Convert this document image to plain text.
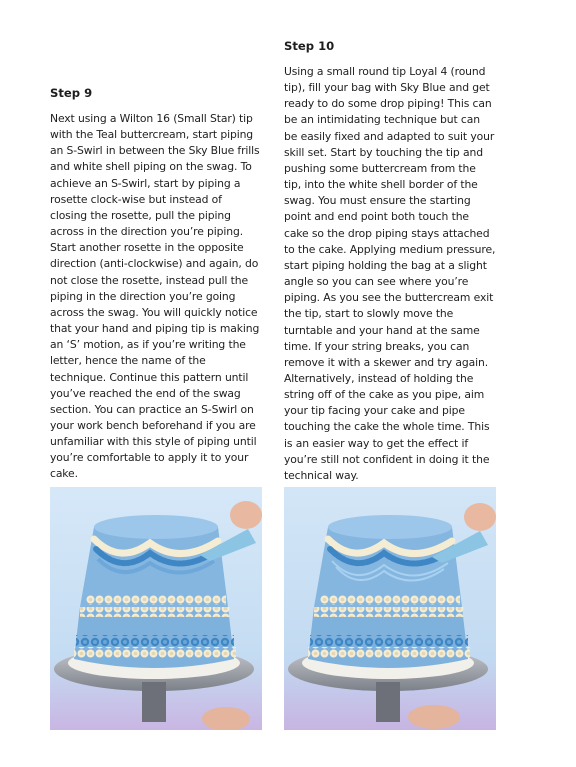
Step 9

Next using a Wilton 16 (Small Star) tip with the Teal buttercream, start piping an S-Swirl in between the Sky Blue frills and white shell piping on the swag. To achieve an S-Swirl, start by piping a rosette clock-wise but instead of closing the rosette, pull the piping across in the direction you’re piping. Start another rosette in the opposite direction (anti-clockwise) and again, do not close the rosette, instead pull the piping in the direction you’re going across the swag. You will quickly notice that your hand and piping tip is making an ‘S’ motion, as if you’re writing the letter, hence the name of the technique. Continue this pattern until you’ve reached the end of the swag section. You can practice an S-Swirl on your work bench beforehand if you are unfamiliar with this style of piping until you’re comfortable to apply it to your cake.

Step 10

Using a small round tip Loyal 4 (round tip), fill your bag with Sky Blue and get ready to do some drop piping! This can be an intimidating technique but can be easily fixed and adapted to suit your skill set. Start by touching the tip and pushing some buttercream from the tip, into the white shell border of the swag. You must ensure the starting point and end point both touch the cake so the drop piping stays attached to the cake. Applying medium pressure, start piping holding the bag at a slight angle so you can see where you’re piping. As you see the buttercream exit the tip, start to slowly move the turntable and your hand at the same time. If your string breaks, you can remove it with a skewer and try again. Alternatively, instead of holding the string off of the cake as you pipe, aim your tip facing your cake and pipe touching the cake the whole time. This is an easier way to get the effect if you’re still not confident in doing it the technical way.
